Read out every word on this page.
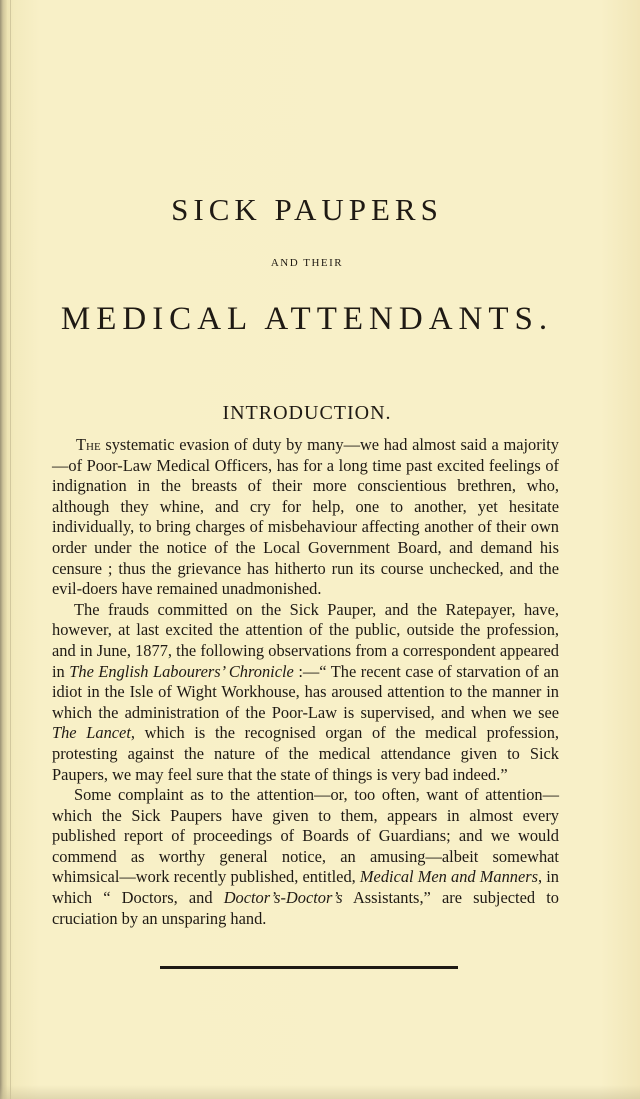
SICK PAUPERS
AND THEIR
MEDICAL ATTENDANTS.
INTRODUCTION.

The systematic evasion of duty by many—we had almost said a majority—of Poor-Law Medical Officers, has for a long time past excited feelings of indignation in the breasts of their more conscientious brethren, who, although they whine, and cry for help, one to another, yet hesitate individually, to bring charges of misbehaviour affecting another of their own order under the notice of the Local Government Board, and demand his censure ; thus the grievance has hitherto run its course unchecked, and the evil-doers have remained unadmonished.

The frauds committed on the Sick Pauper, and the Ratepayer, have, however, at last excited the attention of the public, outside the profession, and in June, 1877, the following observations from a correspondent appeared in The English Labourers’ Chronicle :—“ The recent case of starvation of an idiot in the Isle of Wight Workhouse, has aroused attention to the manner in which the administration of the Poor-Law is supervised, and when we see The Lancet, which is the recognised organ of the medical profession, protesting against the nature of the medical attendance given to Sick Paupers, we may feel sure that the state of things is very bad indeed.”

Some complaint as to the attention—or, too often, want of attention—which the Sick Paupers have given to them, appears in almost every published report of proceedings of Boards of Guardians; and we would commend as worthy general notice, an amusing—albeit somewhat whimsical—work recently published, entitled, Medical Men and Manners, in which “ Doctors, and Doctor’s-Doctor’s Assistants,” are subjected to cruciation by an unsparing hand.
